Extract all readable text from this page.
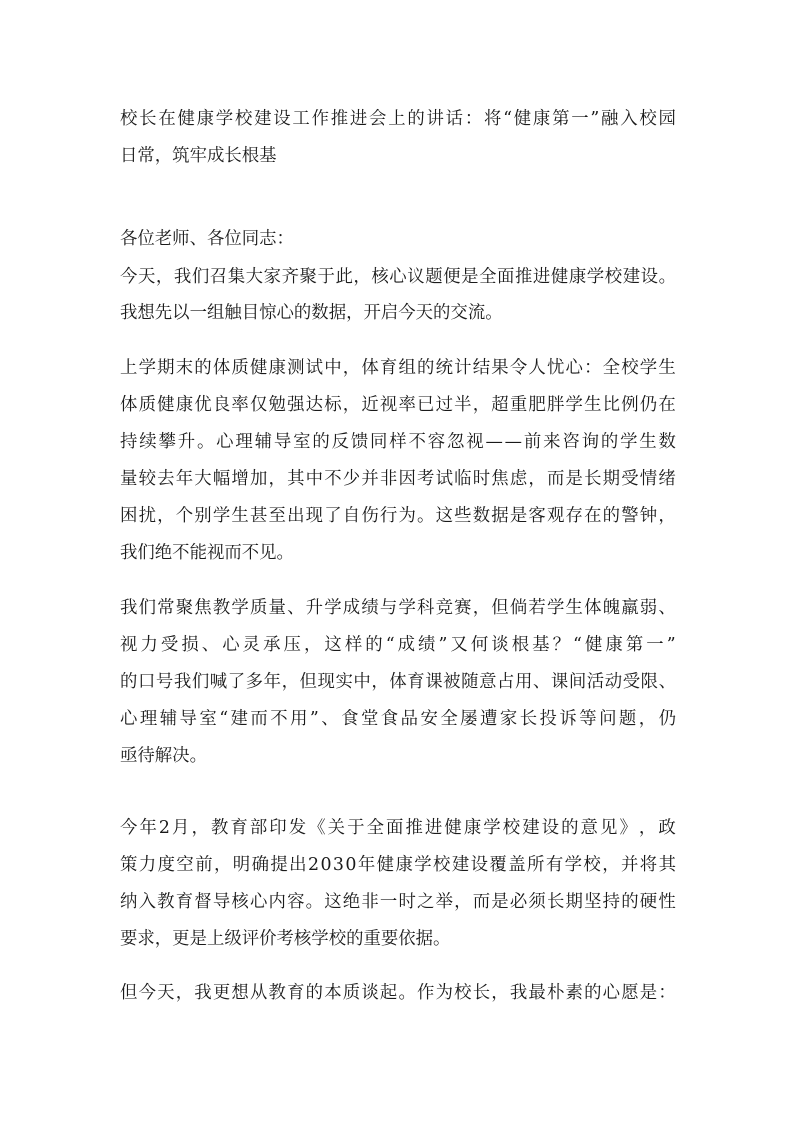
校 长 在 健 康 学 校 建 设 工 作 推 进 会 上 的 讲 话 ： 将 “ 健 康 第 一 ” 融 入 校 园
日常，筑牢成长根基
各位老师、各位同志：
今 天 ， 我 们 召 集 大 家 齐 聚 于 此 ， 核 心 议 题 便 是 全 面 推 进 健 康 学 校 建 设 。
我想先以一组触目惊心的数据，开启今天的交流。
上 学 期 末 的 体 质 健 康 测 试 中 ， 体 育 组 的 统 计 结 果 令 人 忧 心 ： 全 校 学 生
体 质 健 康 优 良 率 仅 勉 强 达 标 ， 近 视 率 已 过 半 ， 超 重 肥 胖 学 生 比 例 仍 在
持 续 攀 升 。 心 理 辅 导 室 的 反 馈 同 样 不 容 忽 视 — — 前 来 咨 询 的 学 生 数
量 较 去 年 大 幅 增 加 ， 其 中 不 少 并 非 因 考 试 临 时 焦 虑 ， 而 是 长 期 受 情 绪
困 扰 ， 个 别 学 生 甚 至 出 现 了 自 伤 行 为 。 这 些 数 据 是 客 观 存 在 的 警 钟 ，
我们绝不能视而不见。
我 们 常 聚 焦 教 学 质 量 、 升 学 成 绩 与 学 科 竞 赛 ， 但 倘 若 学 生 体 魄 羸 弱 、
视 力 受 损 、 心 灵 承 压 ， 这 样 的 “ 成 绩 ” 又 何 谈 根 基 ？ “ 健 康 第 一 ”
的 口 号 我 们 喊 了 多 年 ， 但 现 实 中 ， 体 育 课 被 随 意 占 用 、 课 间 活 动 受 限 、
心 理 辅 导 室 “ 建 而 不 用 ” 、 食 堂 食 品 安 全 屡 遭 家 长 投 诉 等 问 题 ， 仍
亟待解决。
今 年 2 月 ， 教 育 部 印 发 《 关 于 全 面 推 进 健 康 学 校 建 设 的 意 见 》 ， 政
策 力 度 空 前 ， 明 确 提 出 2 0 3 0 年 健 康 学 校 建 设 覆 盖 所 有 学 校 ， 并 将 其
纳 入 教 育 督 导 核 心 内 容 。 这 绝 非 一 时 之 举 ， 而 是 必 须 长 期 坚 持 的 硬 性
要求，更是上级评价考核学校的重要依据。
但 今 天 ， 我 更 想 从 教 育 的 本 质 谈 起 。 作 为 校 长 ， 我 最 朴 素 的 心 愿 是 ：
